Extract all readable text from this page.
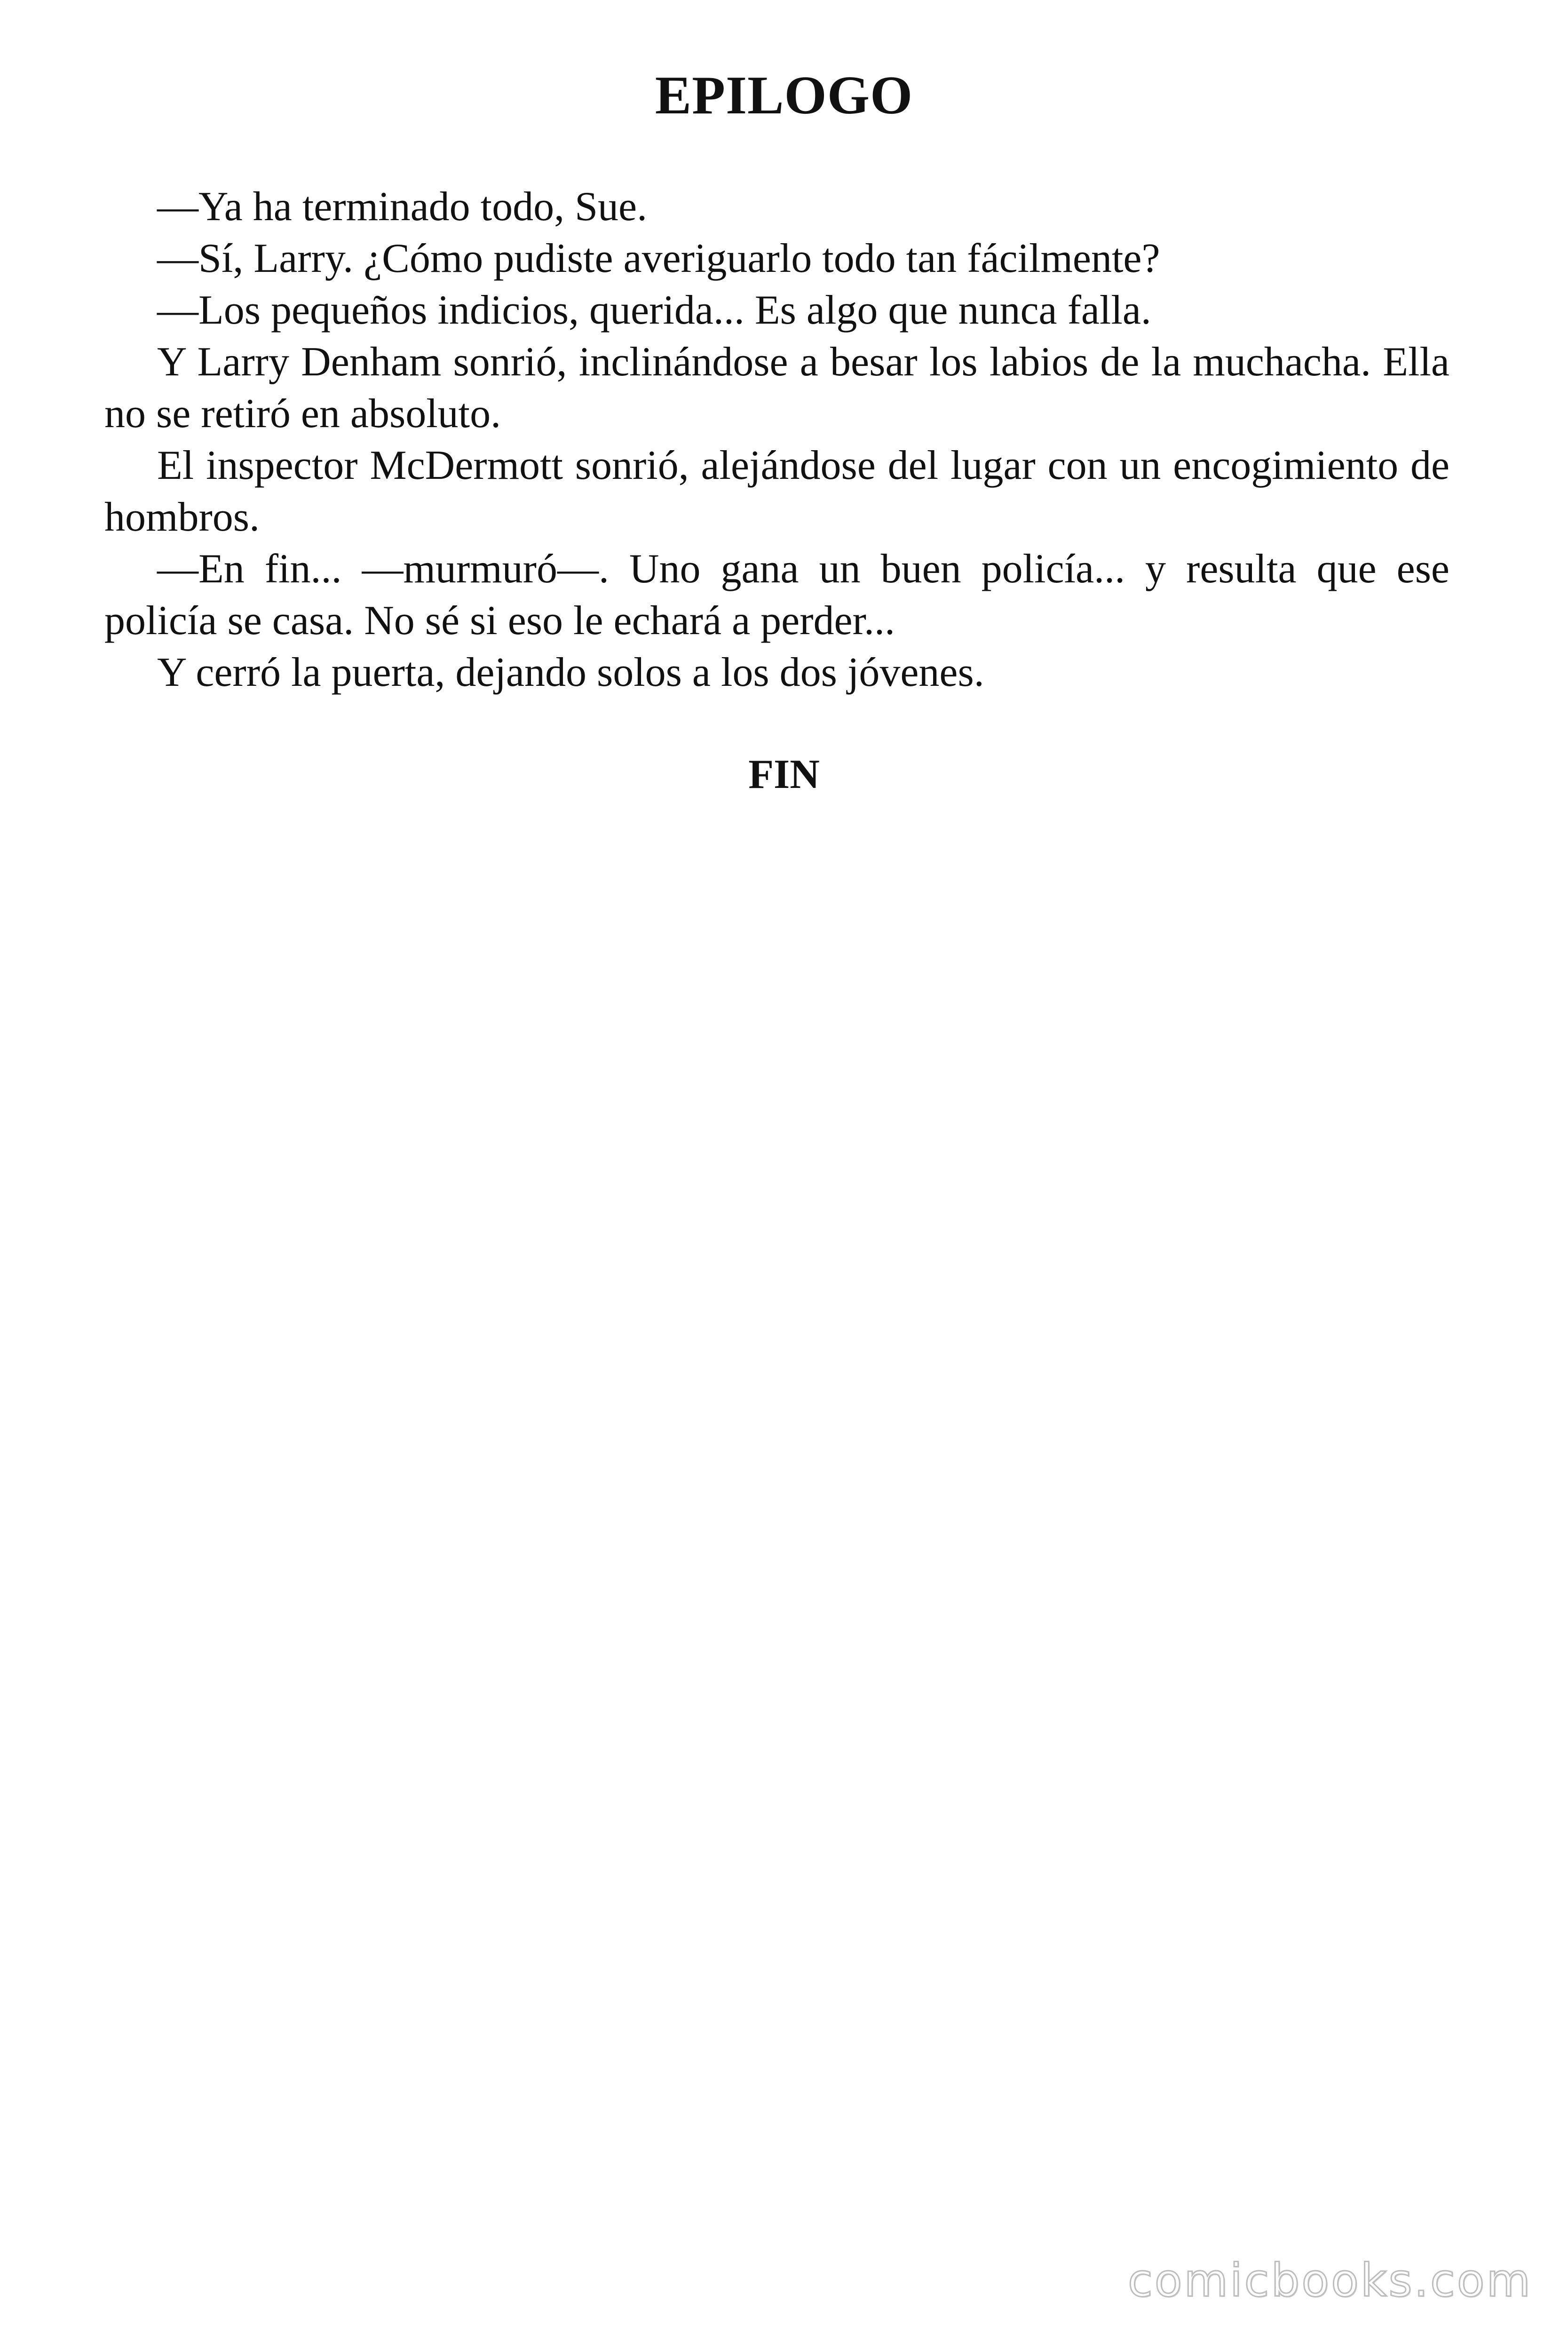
EPILOGO

—Ya ha terminado todo, Sue.

—Sí, Larry. ¿Cómo pudiste averiguarlo todo tan fácilmente?

—Los pequeños indicios, querida... Es algo que nunca falla.

Y Larry Denham sonrió, inclinándose a besar los labios de la muchacha. Ella no se retiró en absoluto.

El inspector McDermott sonrió, alejándose del lugar con un encogimiento de hombros.

—En fin... —murmuró—. Uno gana un buen policía... y resulta que ese policía se casa. No sé si eso le echará a perder...

Y cerró la puerta, dejando solos a los dos jóvenes.

FIN

comicbooks.com
